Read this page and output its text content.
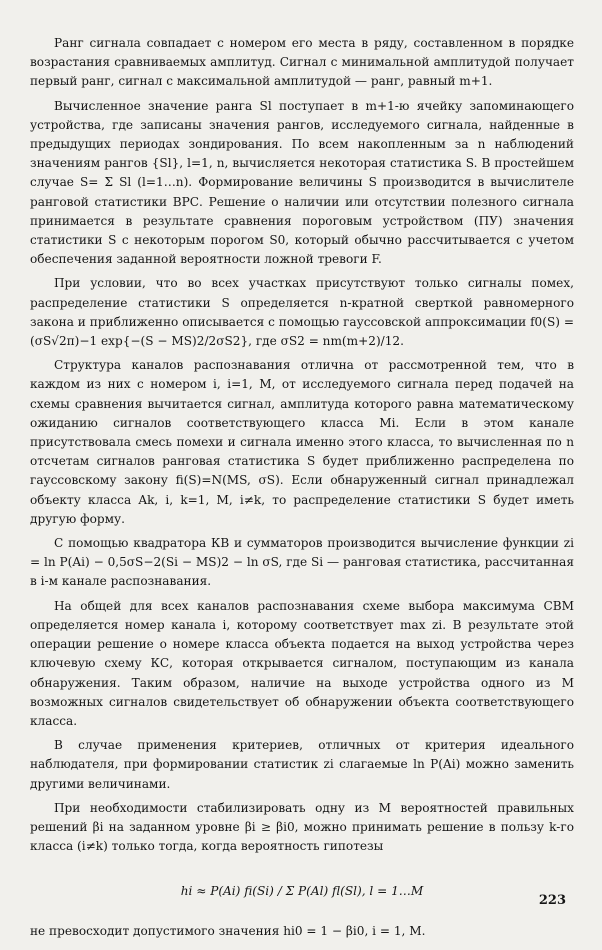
Ранг сигнала совпадает с номером его места в ряду, составленном в порядке возрастания сравниваемых амплитуд. Сигнал с минимальной амплитудой получает первый ранг, сигнал с максимальной амплитудой — ранг, равный m+1.

Вычисленное значение ранга Sl поступает в m+1-ю ячейку запоминающего устройства, где записаны значения рангов, исследуемого сигнала, найденные в предыдущих периодах зондирования. По всем накопленным за n наблюдений значениям рангов {Sl}, l=1, n, вычисляется некоторая статистика S. В простейшем случае S= Σ Sl (l=1…n). Формирование величины S производится в вычислителе ранговой статистики ВРС. Решение о наличии или отсутствии полезного сигнала принимается в результате сравнения пороговым устройством (ПУ) значения статистики S с некоторым порогом S0, который обычно рассчитывается с учетом обеспечения заданной вероятности ложной тревоги F.

При условии, что во всех участках присутствуют только сигналы помех, распределение статистики S определяется n-кратной сверткой равномерного закона и приближенно описывается с помощью гауссовской аппроксимации f0(S) = (σS√2π)−1 exp{−(S − MS)2/2σS2}, где σS2 = nm(m+2)/12.

Структура каналов распознавания отлична от рассмотренной тем, что в каждом из них с номером i, i=1, M, от исследуемого сигнала перед подачей на схемы сравнения вычитается сигнал, амплитуда которого равна математическому ожиданию сигналов соответствующего класса Mi. Если в этом канале присутствовала смесь помехи и сигнала именно этого класса, то вычисленная по n отсчетам сигналов ранговая статистика S будет приближенно распределена по гауссовскому закону fi(S)=N(MS, σS). Если обнаруженный сигнал принадлежал объекту класса Ak, i, k=1, M, i≠k, то распределение статистики S будет иметь другую форму.

С помощью квадратора КВ и сумматоров производится вычисление функции zi = ln P(Ai) − 0,5σS−2(Si − MS)2 − ln σS, где Si — ранговая статистика, рассчитанная в i-м канале распознавания.

На общей для всех каналов распознавания схеме выбора максимума СВМ определяется номер канала i, которому соответствует max zi. В результате этой операции решение о номере класса объекта подается на выход устройства через ключевую схему КС, которая открывается сигналом, поступающим из канала обнаружения. Таким образом, наличие на выходе устройства одного из M возможных сигналов свидетельствует об обнаружении объекта соответствующего класса.

В случае применения критериев, отличных от критерия идеального наблюдателя, при формировании статистик zi слагаемые ln P(Ai) можно заменить другими величинами.

При необходимости стабилизировать одну из M вероятностей правильных решений βi на заданном уровне βi ≥ βi0, можно принимать решение в пользу k-го класса (i≠k) только тогда, когда вероятность гипотезы

hi ≈ P(Ai) fi(Si) / Σ P(Al) fl(Sl), l = 1…M

не превосходит допустимого значения hi0 = 1 − βi0, i = 1, M.

223
